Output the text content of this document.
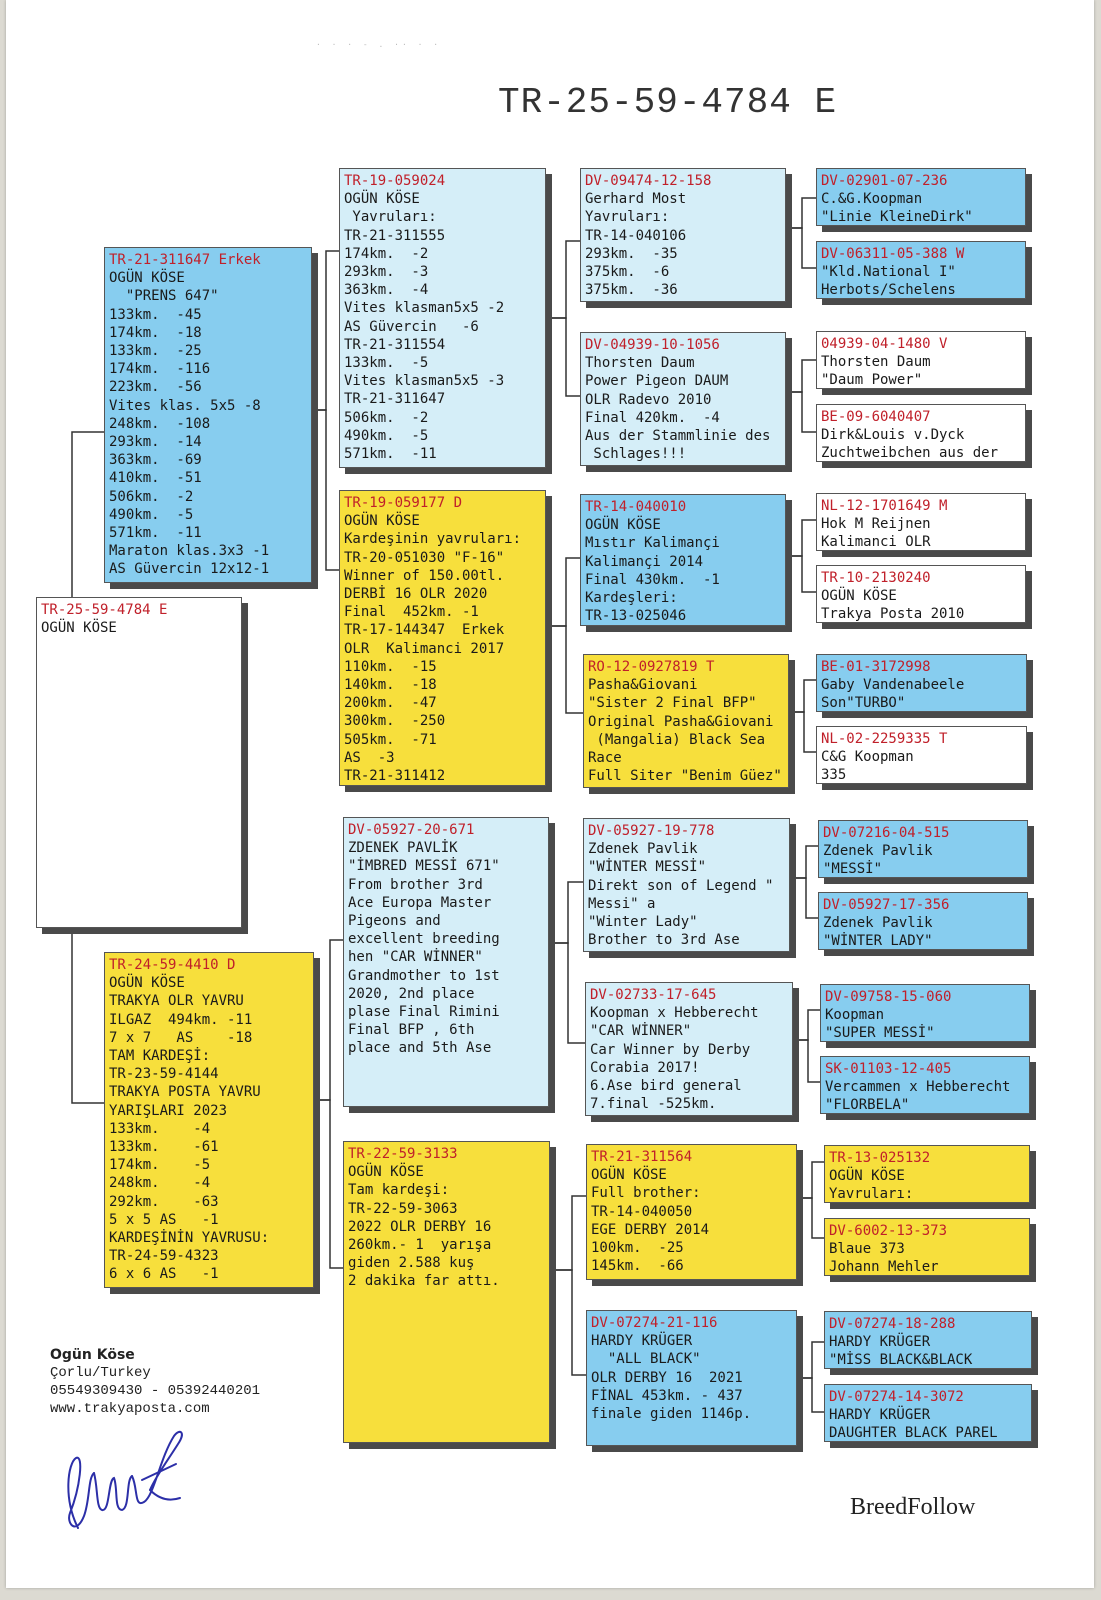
· · · - . ·· · ·
TR-25-59-4784 E
TR-25-59-4784 E
OGÜN KÖSE
TR-21-311647 Erkek
OGÜN KÖSE
"PRENS 647"
133km.  -45
174km.  -18
133km.  -25
174km.  -116
223km.  -56
Vites klas. 5x5 -8
248km.  -108
293km.  -14
363km.  -69
410km.  -51
506km.  -2
490km.  -5
571km.  -11
Maraton klas.3x3 -1
AS Güvercin 12x12-1
TR-24-59-4410 D
OGÜN KÖSE
TRAKYA OLR YAVRU
ILGAZ  494km. -11
7 x 7   AS    -18
TAM KARDEŞİ:
TR-23-59-4144
TRAKYA POSTA YAVRU
YARIŞLARI 2023
133km.    -4
133km.    -61
174km.    -5
248km.    -4
292km.    -63
5 x 5 AS   -1
KARDEŞİNİN YAVRUSU:
TR-24-59-4323
6 x 6 AS   -1
TR-19-059024
OGÜN KÖSE
Yavruları:
TR-21-311555
174km.  -2
293km.  -3
363km.  -4
Vites klasman5x5 -2
AS Güvercin   -6
TR-21-311554
133km.  -5
Vites klasman5x5 -3
TR-21-311647
506km.  -2
490km.  -5
571km.  -11
TR-19-059177 D
OGÜN KÖSE
Kardeşinin yavruları:
TR-20-051030 "F-16"
Winner of 150.00tl.
DERBİ 16 OLR 2020
Final  452km. -1
TR-17-144347  Erkek
OLR  Kalimanci 2017
110km.  -15
140km.  -18
200km.  -47
300km.  -250
505km.  -71
AS  -3
TR-21-311412
DV-05927-20-671
ZDENEK PAVLİK
"İMBRED MESSİ 671"
From brother 3rd
Ace Europa Master
Pigeons and
excellent breeding
hen "CAR WİNNER"
Grandmother to 1st
2020, 2nd place
plase Final Rimini
Final BFP , 6th
place and 5th Ase
TR-22-59-3133
OGÜN KÖSE
Tam kardeşi:
TR-22-59-3063
2022 OLR DERBY 16
260km.- 1  yarışa
giden 2.588 kuş
2 dakika far attı.
DV-09474-12-158
Gerhard Most
Yavruları:
TR-14-040106
293km.  -35
375km.  -6
375km.  -36
DV-04939-10-1056
Thorsten Daum
Power Pigeon DAUM
OLR Radevo 2010
Final 420km.  -4
Aus der Stammlinie des
Schlages!!!
TR-14-040010
OGÜN KÖSE
Mıstır Kalimançi
Kalimançi 2014
Final 430km.  -1
Kardeşleri:
TR-13-025046
RO-12-0927819 T
Pasha&Giovani
"Sister 2 Final BFP"
Original Pasha&Giovani
(Mangalia) Black Sea
Race
Full Siter "Benim Güez"
DV-05927-19-778
Zdenek Pavlik
"WİNTER MESSİ"
Direkt son of Legend "
Messi" a
"Winter Lady"
Brother to 3rd Ase
DV-02733-17-645
Koopman x Hebberecht
"CAR WİNNER"
Car Winner by Derby
Corabia 2017!
6.Ase bird general
7.final -525km.
TR-21-311564
OGÜN KÖSE
Full brother:
TR-14-040050
EGE DERBY 2014
100km.  -25
145km.  -66
DV-07274-21-116
HARDY KRÜGER
"ALL BLACK"
OLR DERBY 16  2021
FİNAL 453km. - 437
finale giden 1146p.
DV-02901-07-236
C.&G.Koopman
"Linie KleineDirk"
DV-06311-05-388 W
"Kld.National I"
Herbots/Schelens
04939-04-1480 V
Thorsten Daum
"Daum Power"
BE-09-6040407
Dirk&Louis v.Dyck
Zuchtweibchen aus der
NL-12-1701649 M
Hok M Reijnen
Kalimanci OLR
TR-10-2130240
OGÜN KÖSE
Trakya Posta 2010
BE-01-3172998
Gaby Vandenabeele
Son"TURBO"
NL-02-2259335 T
C&G Koopman
335
DV-07216-04-515
Zdenek Pavlik
"MESSİ"
DV-05927-17-356
Zdenek Pavlik
"WİNTER LADY"
DV-09758-15-060
Koopman
"SUPER MESSİ"
SK-01103-12-405
Vercammen x Hebberecht
"FLORBELA"
TR-13-025132
OGÜN KÖSE
Yavruları:
DV-6002-13-373
Blaue 373
Johann Mehler
DV-07274-18-288
HARDY KRÜGER
"MİSS BLACK&BLACK
DV-07274-14-3072
HARDY KRÜGER
DAUGHTER BLACK PAREL
Ogün Köse
Çorlu/Turkey
05549309430 - 05392440201
www.trakyaposta.com
BreedFollow
